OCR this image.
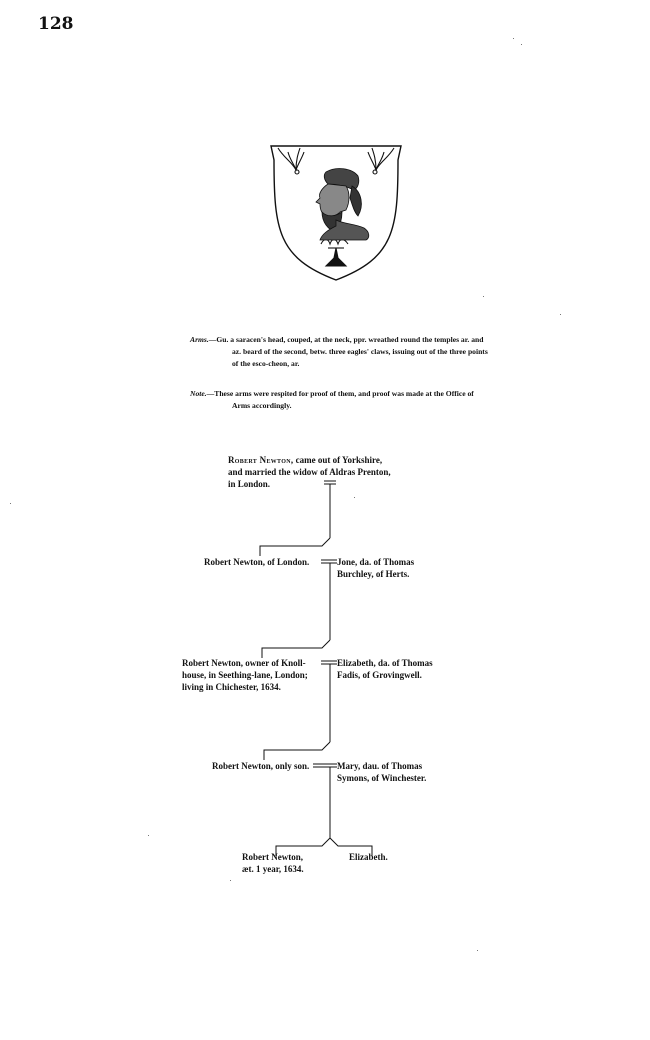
128

Arms.—Gu. a saracen's head, couped, at the neck, ppr. wreathed round the temples ar. and az. beard of the second, betw. three eagles' claws, issuing out of the three points of the esco-cheon, ar.

Note.—These arms were respited for proof of them, and proof was made at the Office of Arms accordingly.

Robert Newton, came out of Yorkshire,
and married the widow of Aldras Prenton,
in London.
Robert Newton, of London.	Jone, da. of Thomas
Burchley, of Herts.
Robert Newton, owner of Knoll-
house, in Seething-lane, London;
living in Chichester, 1634.
Elizabeth, da. of Thomas
Fadis, of Grovingwell.
Robert Newton, only son.	Mary, dau. of Thomas
Symons, of Winchester.
Robert Newton,
æt. 1 year, 1634.
Elizabeth.
